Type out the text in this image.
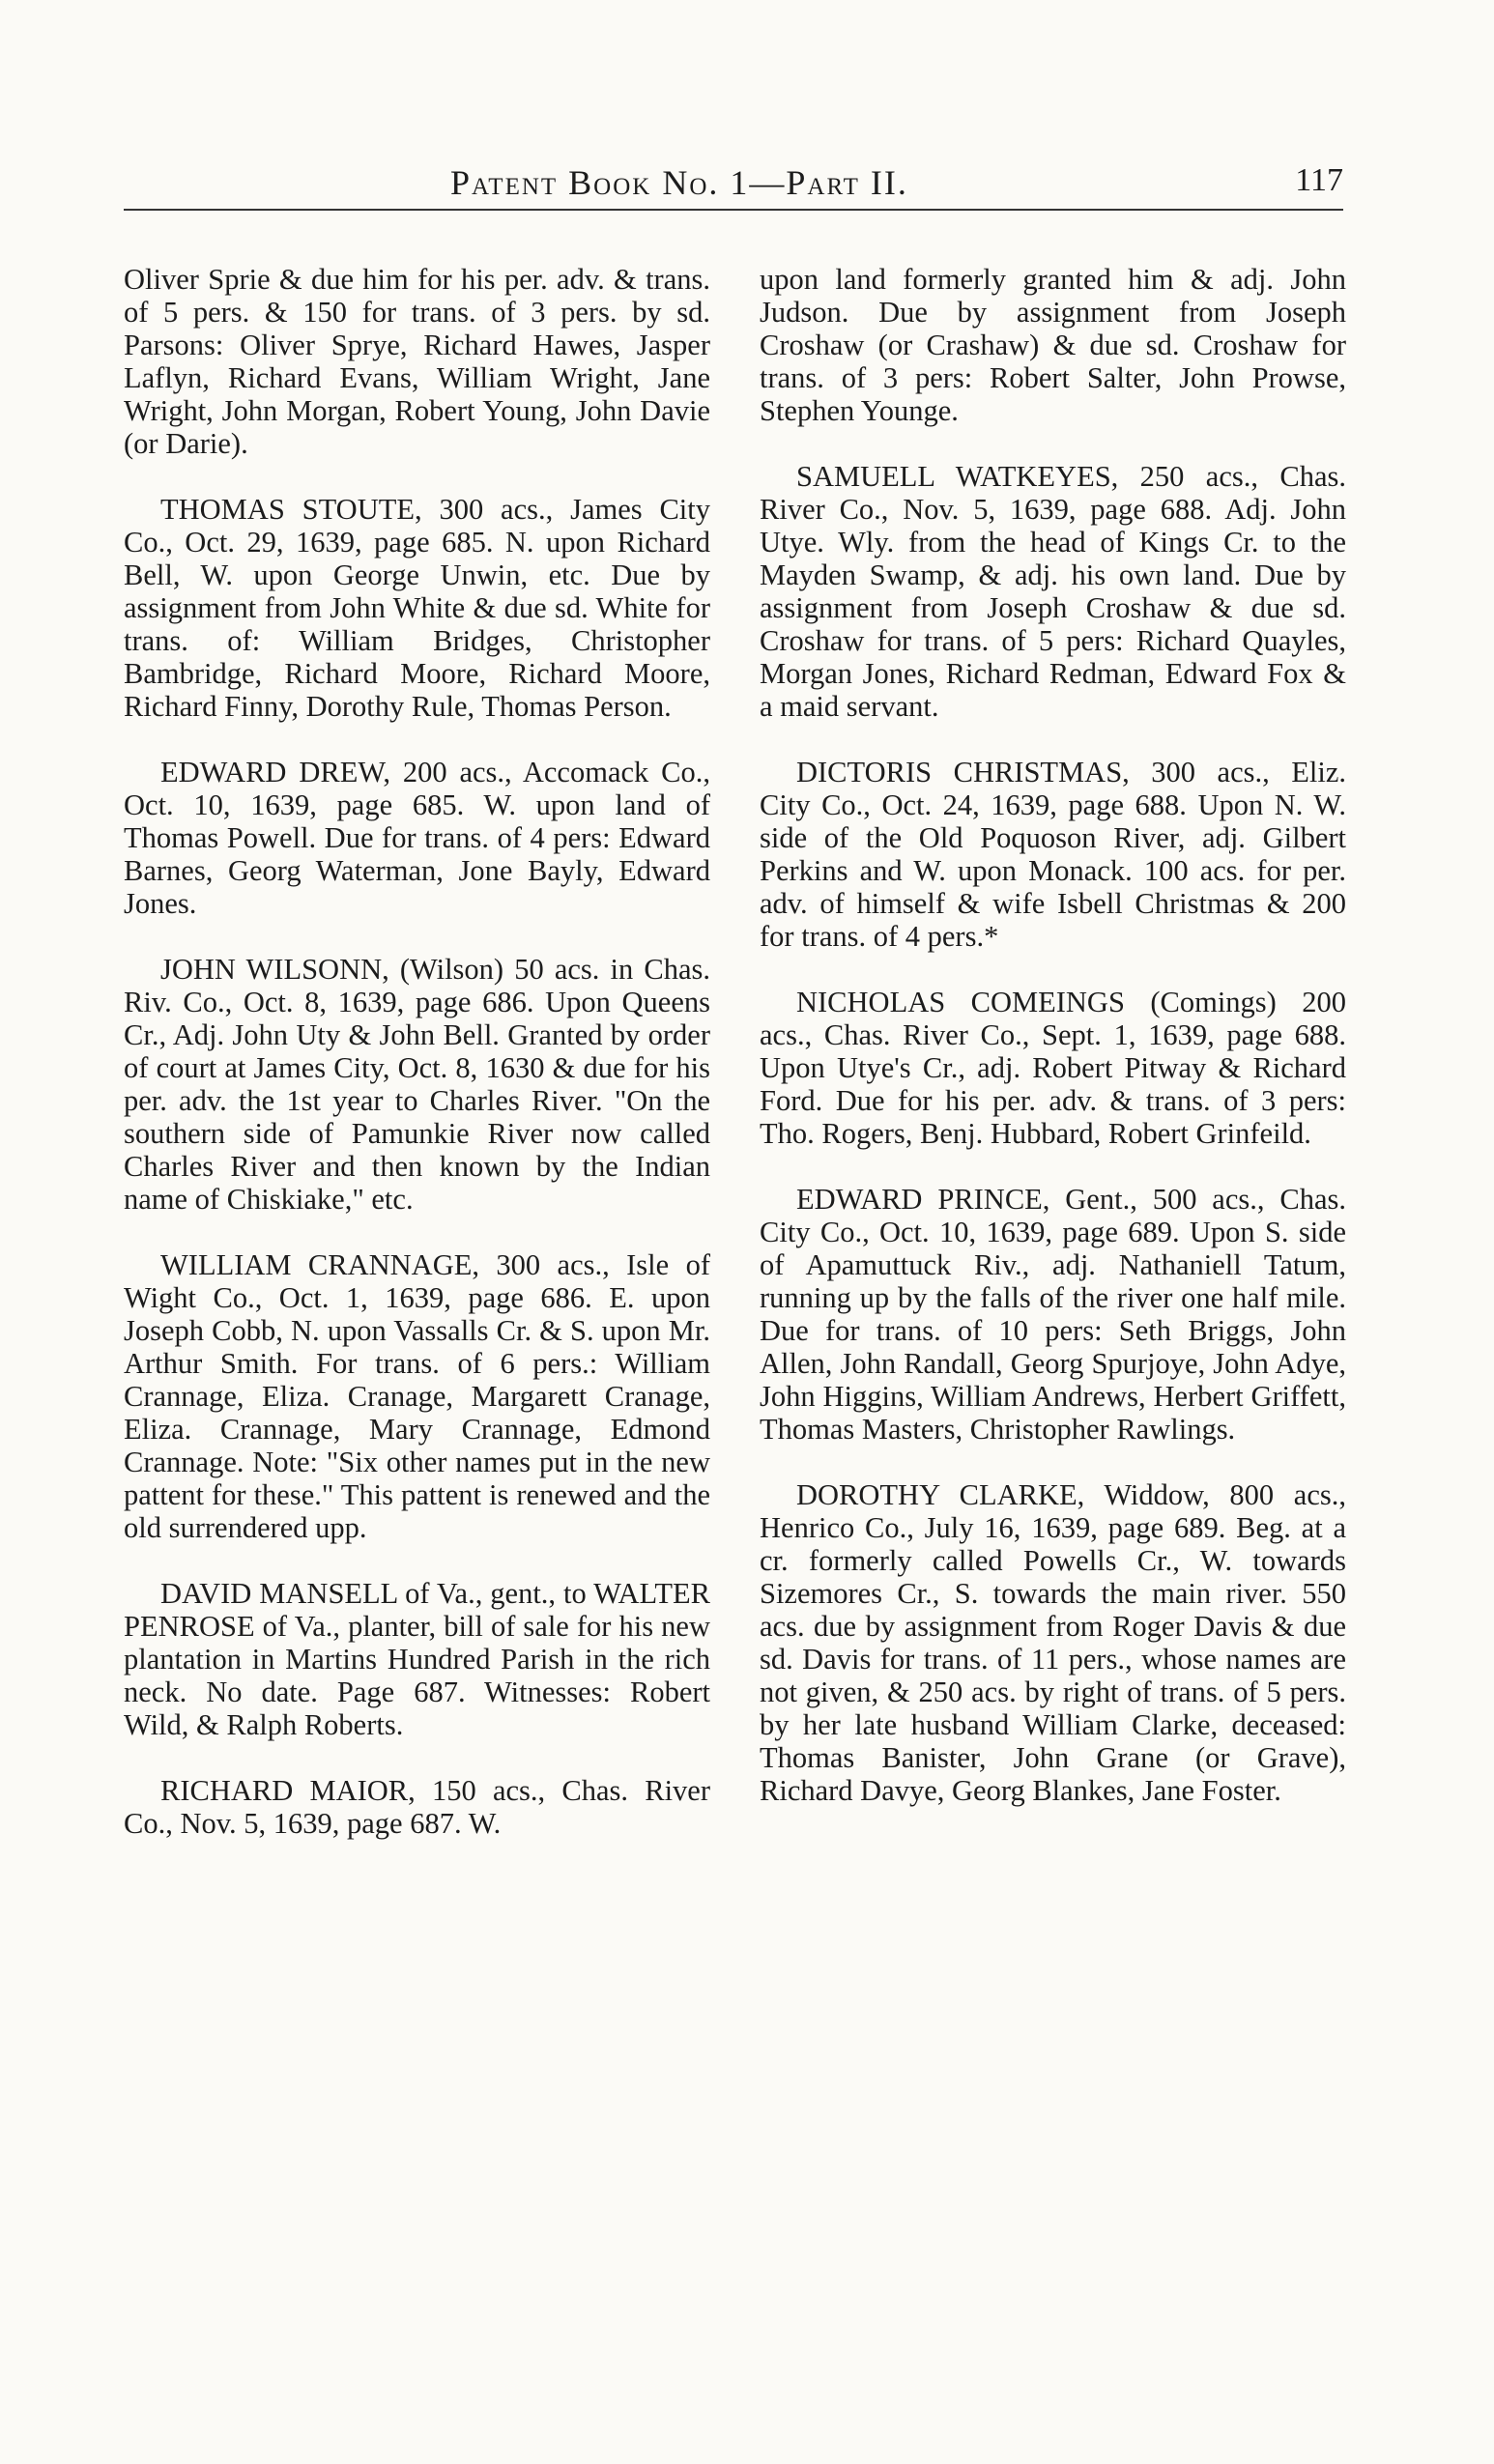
Patent Book No. 1—Part II.	117

Oliver Sprie & due him for his per. adv. & trans. of 5 pers. & 150 for trans. of 3 pers. by sd. Parsons: Oliver Sprye, Richard Hawes, Jasper Laflyn, Richard Evans, William Wright, Jane Wright, John Morgan, Robert Young, John Davie (or Darie).

THOMAS STOUTE, 300 acs., James City Co., Oct. 29, 1639, page 685. N. upon Richard Bell, W. upon George Unwin, etc. Due by assignment from John White & due sd. White for trans. of: William Bridges, Christopher Bambridge, Richard Moore, Richard Moore, Richard Finny, Dorothy Rule, Thomas Person.

EDWARD DREW, 200 acs., Accomack Co., Oct. 10, 1639, page 685. W. upon land of Thomas Powell. Due for trans. of 4 pers: Edward Barnes, Georg Waterman, Jone Bayly, Edward Jones.

JOHN WILSONN, (Wilson) 50 acs. in Chas. Riv. Co., Oct. 8, 1639, page 686. Upon Queens Cr., Adj. John Uty & John Bell. Granted by order of court at James City, Oct. 8, 1630 & due for his per. adv. the 1st year to Charles River. "On the southern side of Pamunkie River now called Charles River and then known by the Indian name of Chiskiake," etc.

WILLIAM CRANNAGE, 300 acs., Isle of Wight Co., Oct. 1, 1639, page 686. E. upon Joseph Cobb, N. upon Vassalls Cr. & S. upon Mr. Arthur Smith. For trans. of 6 pers.: William Crannage, Eliza. Cranage, Margarett Cranage, Eliza. Crannage, Mary Crannage, Edmond Crannage. Note: "Six other names put in the new pattent for these." This pattent is renewed and the old surrendered upp.

DAVID MANSELL of Va., gent., to WALTER PENROSE of Va., planter, bill of sale for his new plantation in Martins Hundred Parish in the rich neck. No date. Page 687. Witnesses: Robert Wild, & Ralph Roberts.

RICHARD MAIOR, 150 acs., Chas. River Co., Nov. 5, 1639, page 687. W.

upon land formerly granted him & adj. John Judson. Due by assignment from Joseph Croshaw (or Crashaw) & due sd. Croshaw for trans. of 3 pers: Robert Salter, John Prowse, Stephen Younge.

SAMUELL WATKEYES, 250 acs., Chas. River Co., Nov. 5, 1639, page 688. Adj. John Utye. Wly. from the head of Kings Cr. to the Mayden Swamp, & adj. his own land. Due by assignment from Joseph Croshaw & due sd. Croshaw for trans. of 5 pers: Richard Quayles, Morgan Jones, Richard Redman, Edward Fox & a maid servant.

DICTORIS CHRISTMAS, 300 acs., Eliz. City Co., Oct. 24, 1639, page 688. Upon N. W. side of the Old Poquoson River, adj. Gilbert Perkins and W. upon Monack. 100 acs. for per. adv. of himself & wife Isbell Christmas & 200 for trans. of 4 pers.*

NICHOLAS COMEINGS (Comings) 200 acs., Chas. River Co., Sept. 1, 1639, page 688. Upon Utye's Cr., adj. Robert Pitway & Richard Ford. Due for his per. adv. & trans. of 3 pers: Tho. Rogers, Benj. Hubbard, Robert Grinfeild.

EDWARD PRINCE, Gent., 500 acs., Chas. City Co., Oct. 10, 1639, page 689. Upon S. side of Apamuttuck Riv., adj. Nathaniell Tatum, running up by the falls of the river one half mile. Due for trans. of 10 pers: Seth Briggs, John Allen, John Randall, Georg Spurjoye, John Adye, John Higgins, William Andrews, Herbert Griffett, Thomas Masters, Christopher Rawlings.

DOROTHY CLARKE, Widdow, 800 acs., Henrico Co., July 16, 1639, page 689. Beg. at a cr. formerly called Powells Cr., W. towards Sizemores Cr., S. towards the main river. 550 acs. due by assignment from Roger Davis & due sd. Davis for trans. of 11 pers., whose names are not given, & 250 acs. by right of trans. of 5 pers. by her late husband William Clarke, deceased: Thomas Banister, John Grane (or Grave), Richard Davye, Georg Blankes, Jane Foster.
